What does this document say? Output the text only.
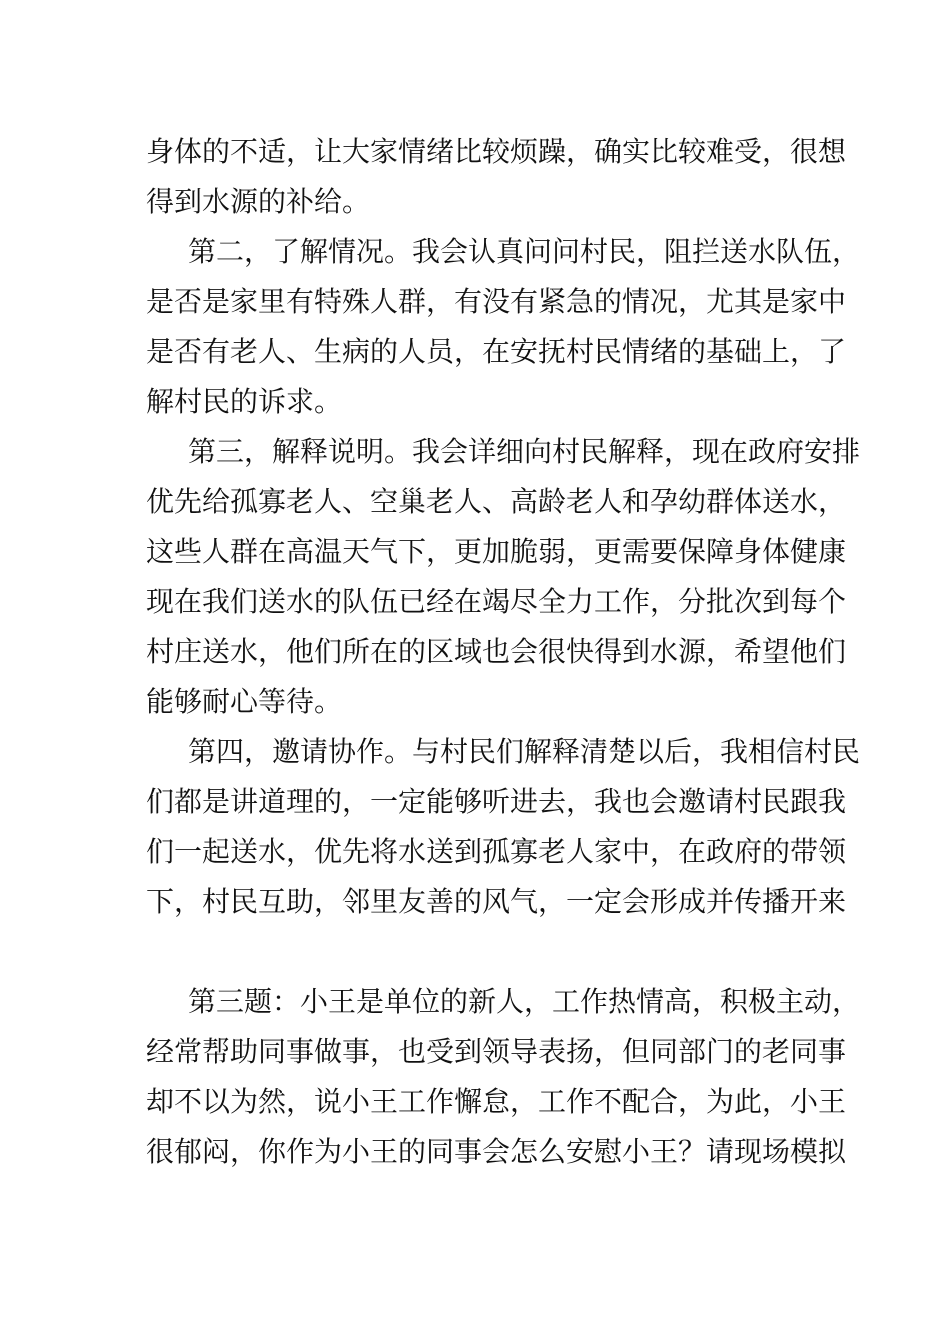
身体的不适，让大家情绪比较烦躁，确实比较难受，很想
得到水源的补给。
第二，了解情况。我会认真问问村民，阻拦送水队伍，
是否是家里有特殊人群，有没有紧急的情况，尤其是家中
是否有老人、生病的人员，在安抚村民情绪的基础上，了
解村民的诉求。
第三，解释说明。我会详细向村民解释，现在政府安排
优先给孤寡老人、空巢老人、高龄老人和孕幼群体送水，
这些人群在高温天气下，更加脆弱，更需要保障身体健康
现在我们送水的队伍已经在竭尽全力工作，分批次到每个
村庄送水，他们所在的区域也会很快得到水源，希望他们
能够耐心等待。
第四，邀请协作。与村民们解释清楚以后，我相信村民
们都是讲道理的，一定能够听进去，我也会邀请村民跟我
们一起送水，优先将水送到孤寡老人家中，在政府的带领
下，村民互助，邻里友善的风气，一定会形成并传播开来
第三题：小王是单位的新人，工作热情高，积极主动，
经常帮助同事做事，也受到领导表扬，但同部门的老同事
却不以为然，说小王工作懈怠，工作不配合，为此，小王
很郁闷，你作为小王的同事会怎么安慰小王？请现场模拟
